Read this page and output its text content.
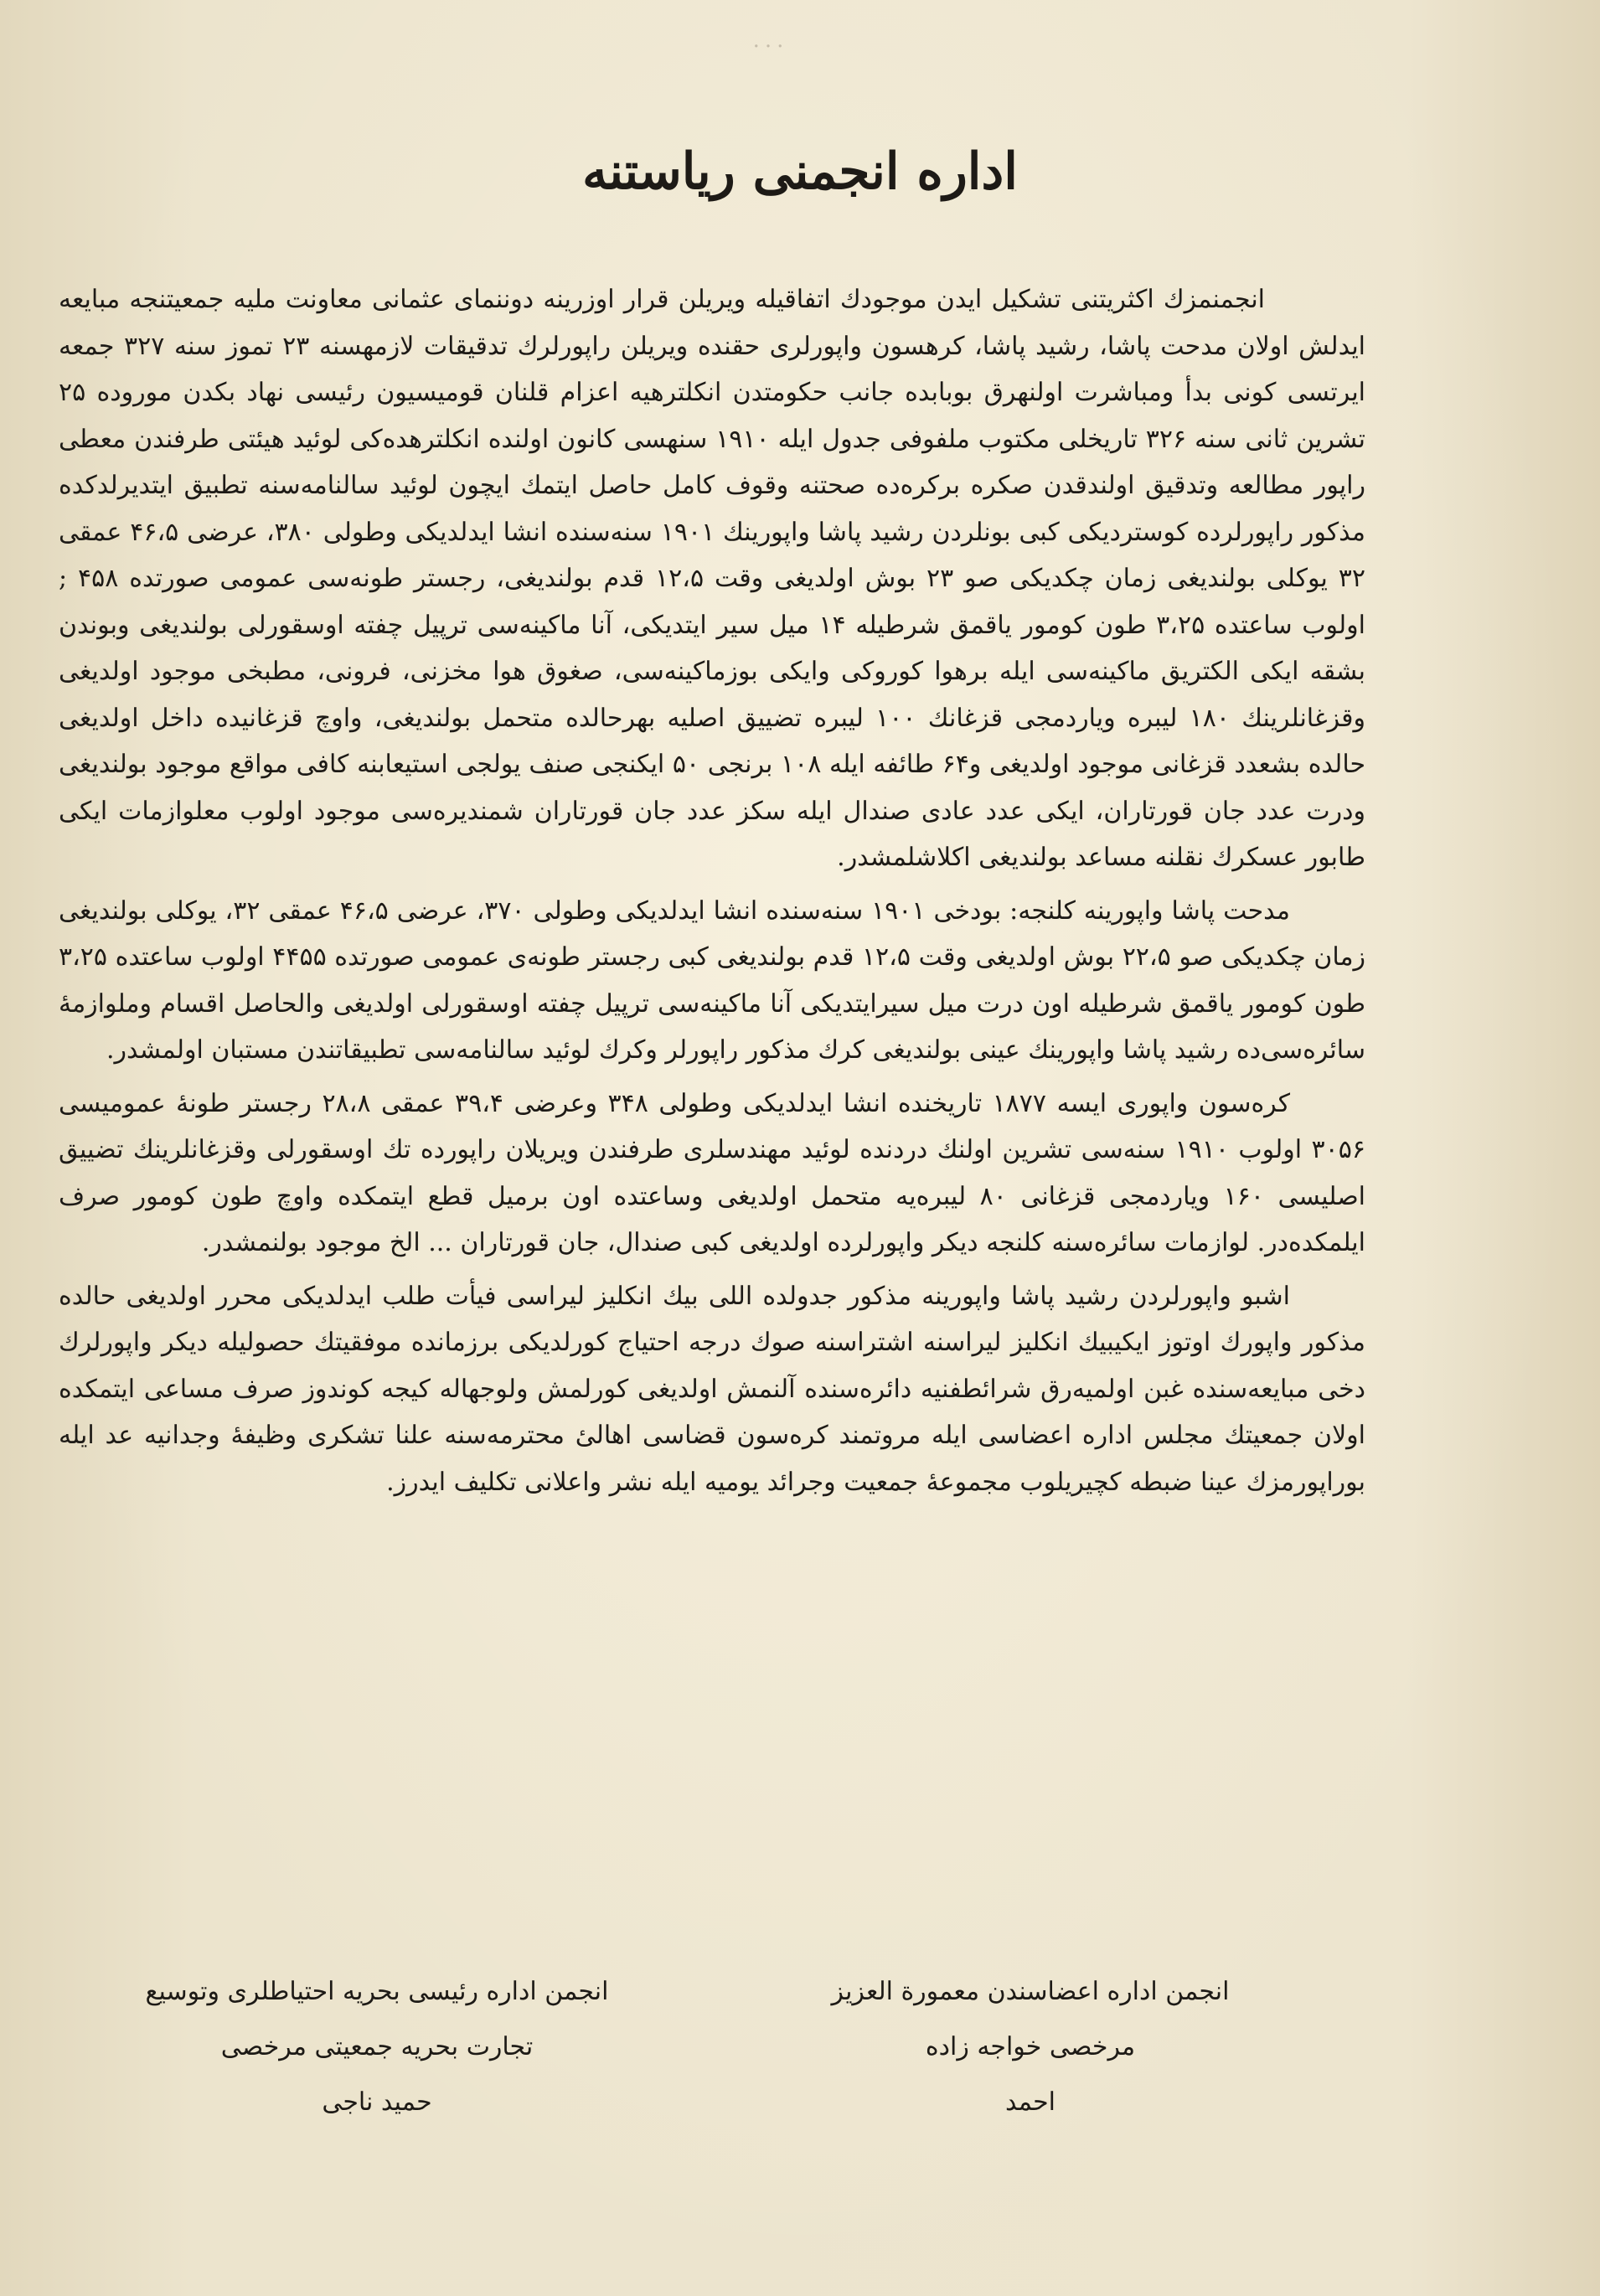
...
اداره انجمنی ریاستنه

انجمنمزك اكثریتنی تشكیل ایدن موجودك اتفاقیله ویریلن قرار اوزرینه دوننمای عثمانی معاونت ملیه جمعیتنجه مبایعه ایدلش اولان مدحت پاشا، رشید پاشا، كرهسون واپورلری حقنده ویریلن راپورلرك تدقیقات لازمهسنه ۲۳ تموز سنه ۳۲۷ جمعه ایرتسی كونی بدأ ومباشرت اولنهرق بوبابده جانب حكومتدن انكلترهیه اعزام قلنان قومیسیون رئیسی نهاد بكدن موروده ۲۵ تشرین ثانی سنه ۳۲۶ تاریخلی مكتوب ملفوفی جدول ایله ۱۹۱۰ سنهسی كانون اولنده انكلترهده‌كی لوئید هیئتی طرفندن معطی راپور مطالعه وتدقیق اولندقدن صكره بركره‌ده صحتنه وقوف كامل حاصل ایتمك ایچون لوئید سالنامه‌سنه تطبیق ایتدیرلدكده مذكور راپورلرده كوستردیكی كبی بونلردن رشید پاشا واپورینك ۱۹۰۱ سنه‌سنده انشا ایدلدیكی وطولی ۳۸۰، عرضی ۴۶،۵ عمقی ۳۲ یوكلی بولندیغی زمان چكدیكی صو ۲۳ بوش اولدیغی وقت ۱۲،۵ قدم بولندیغی، رجستر طونه‌سی عمومی صورتده ۴۵۸ ; اولوب ساعتده ۳،۲۵ طون كومور یاقمق شرطیله ۱۴ میل سیر ایتدیكی، آنا ماكینه‌سی ترپیل چفته اوسقورلی بولندیغی وبوندن بشقه ایكی الكتریق ماكینه‌سی ایله برهوا كوروكی وایكی بوزماكینه‌سی، صغوق هوا مخزنی، فرونی، مطبخی موجود اولدیغی وقزغانلرینك ۱۸۰ لیبره ویاردمجی قزغانك ۱۰۰ لیبره تضییق اصلیه بهرحالده متحمل بولندیغی، واوچ قزغانیده داخل اولدیغی حالده بشعدد قزغانی موجود اولدیغی و۶۴ طائفه ایله ۱۰۸ برنجی ۵۰ ایكنجی صنف یولجی استیعابنه كافی مواقع موجود بولندیغی ودرت عدد جان قورتاران، ایكی عدد عادی صندال ایله سكز عدد جان قورتاران شمندیره‌سی موجود اولوب معلوازمات ایكی طابور عسكرك نقلنه مساعد بولندیغی اكلاشلمشدر.

مدحت پاشا واپورینه كلنجه: بودخی ۱۹۰۱ سنه‌سنده انشا ایدلدیكی وطولی ۳۷۰، عرضی ۴۶،۵ عمقی ۳۲، یوكلی بولندیغی زمان چكدیكی صو ۲۲،۵ بوش اولدیغی وقت ۱۲،۵ قدم بولندیغی كبی رجستر طونه‌ی عمومی صورتده ۴۴۵۵ اولوب ساعتده ۳،۲۵ طون كومور یاقمق شرطیله اون درت میل سیرایتدیكی آنا ماكینه‌سی ترپیل چفته اوسقورلی اولدیغی والحاصل اقسام وملوازمهٔ سائره‌سی‌ده رشید پاشا واپورینك عینی بولندیغی كرك مذكور راپورلر وكرك لوئید سالنامه‌سی تطبیقاتندن مستبان اولمشدر.

كره‌سون واپوری ایسه ۱۸۷۷ تاریخنده انشا ایدلدیكی وطولی ۳۴۸ وعرضی ۳۹،۴ عمقی ۲۸،۸ رجستر طونهٔ عمومیسی ۳۰۵۶ اولوب ۱۹۱۰ سنه‌سی تشرین اولنك دردنده لوئید مهندسلری طرفندن ویریلان راپورده تك اوسقورلی وقزغانلرینك تضییق اصلیسی ۱۶۰ ویاردمجی قزغانی ۸۰ لیبره‌یه متحمل اولدیغی وساعتده اون برمیل قطع ایتمكده واوچ طون كومور صرف ایلمكده‌در. لوازمات سائره‌سنه كلنجه دیكر واپورلرده اولدیغی كبی صندال، جان قورتاران ... الخ موجود بولنمشدر.

اشبو واپورلردن رشید پاشا واپورینه مذكور جدولده اللی بیك انكلیز لیراسی فیأت طلب ایدلدیكی محرر اولدیغی حالده مذكور واپورك اوتوز ایكیبیك انكلیز لیراسنه اشتراسنه صوك درجه احتیاج كورلدیكی برزمانده موفقیتك حصولیله دیكر واپورلرك دخی مبایعه‌سنده غبن اولمیه‌رق شرائطفنیه دائره‌سنده آلنمش اولدیغی كورلمش ولوجهاله كیجه كوندوز صرف مساعی ایتمكده اولان جمعیتك مجلس اداره اعضاسی ایله مروتمند كره‌سون قضاسی اهالیٔ محترمه‌سنه علنا تشكری وظیفهٔ وجدانیه عد ایله بوراپورمزك عینا ضبطه كچیریلوب مجموعهٔ جمعیت وجرائد یومیه ایله نشر واعلانی تكلیف ایدرز.

انجمن اداره اعضاسندن معمورة العزیز
مرخصی خواجه زاده
احمد
انجمن اداره رئیسی بحریه احتیاطلری وتوسیع
تجارت بحریه جمعیتی مرخصی
حمید ناجی
